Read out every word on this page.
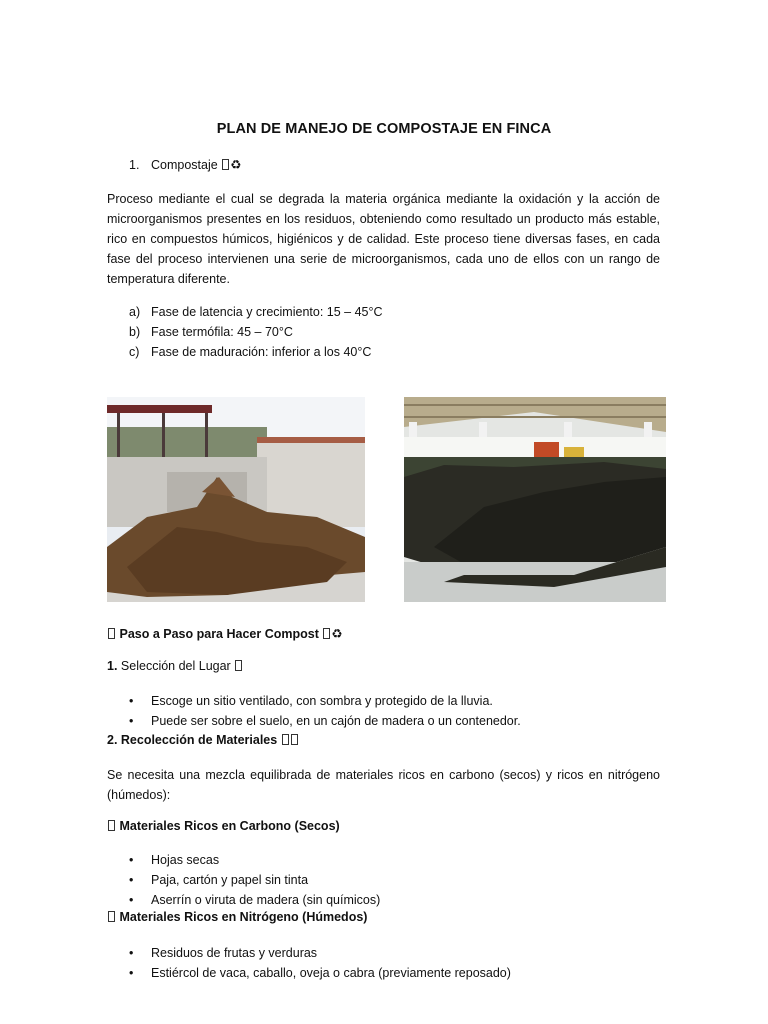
PLAN DE MANEJO DE COMPOSTAJE EN FINCA
1. Compostaje ♻

Proceso mediante el cual se degrada la materia orgánica mediante la oxidación y la acción de microorganismos presentes en los residuos, obteniendo como resultado un producto más estable, rico en compuestos húmicos, higiénicos y de calidad. Este proceso tiene diversas fases, en cada fase del proceso intervienen una serie de microorganismos, cada uno de ellos con un rango de temperatura diferente.

a) Fase de latencia y crecimiento: 15 – 45°C
b) Fase termófila: 45 – 70°C
c) Fase de maduración: inferior a los 40°C
Paso a Paso para Hacer Compost ♻
1. Selección del Lugar
• Escoge un sitio ventilado, con sombra y protegido de la lluvia.
• Puede ser sobre el suelo, en un cajón de madera o un contenedor.
2. Recolección de Materiales

Se necesita una mezcla equilibrada de materiales ricos en carbono (secos) y ricos en nitrógeno (húmedos):

Materiales Ricos en Carbono (Secos)
• Hojas secas
• Paja, cartón y papel sin tinta
• Aserrín o viruta de madera (sin químicos)
Materiales Ricos en Nitrógeno (Húmedos)
• Residuos de frutas y verduras
• Estiércol de vaca, caballo, oveja o cabra (previamente reposado)
